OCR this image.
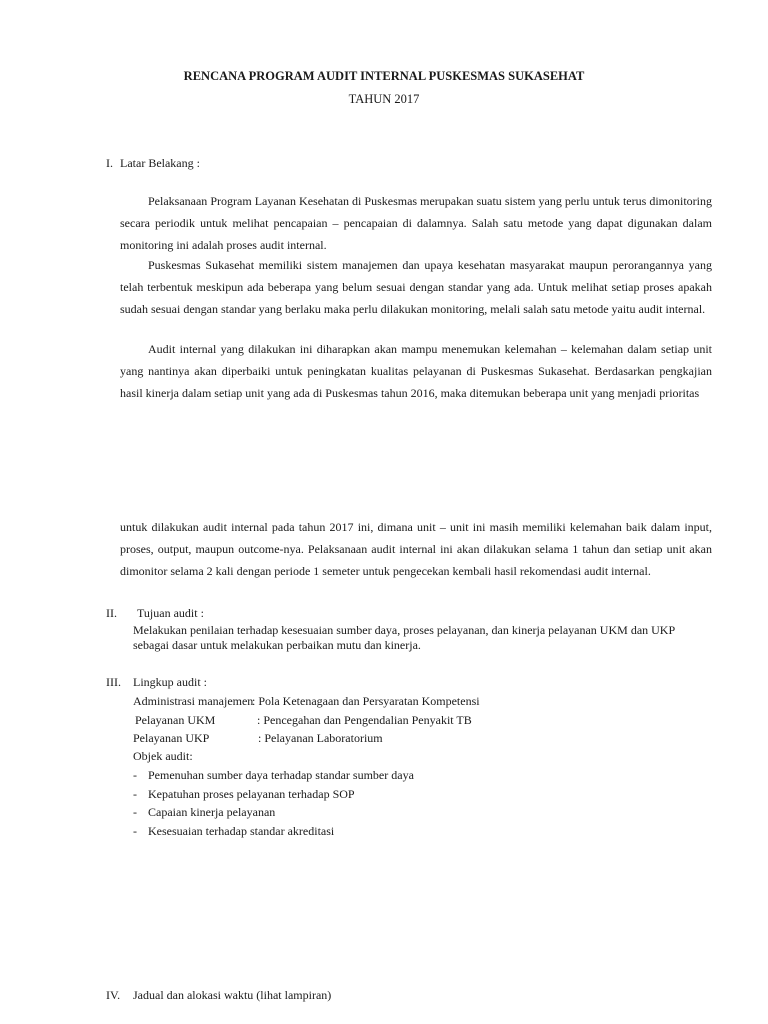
RENCANA PROGRAM AUDIT INTERNAL PUSKESMAS SUKASEHAT
TAHUN 2017
I. Latar Belakang :
Pelaksanaan Program Layanan Kesehatan di Puskesmas merupakan suatu sistem yang perlu untuk terus dimonitoring secara periodik untuk melihat pencapaian – pencapaian di dalamnya. Salah satu metode yang dapat digunakan dalam monitoring ini adalah proses audit internal.
Puskesmas Sukasehat memiliki sistem manajemen dan upaya kesehatan masyarakat maupun perorangannya yang telah terbentuk meskipun ada beberapa yang belum sesuai dengan standar yang ada. Untuk melihat setiap proses apakah sudah sesuai dengan standar yang berlaku maka perlu dilakukan monitoring, melali salah satu metode yaitu audit internal.
Audit internal yang dilakukan ini diharapkan akan mampu menemukan kelemahan – kelemahan dalam setiap unit yang nantinya akan diperbaiki untuk peningkatan kualitas pelayanan di Puskesmas Sukasehat. Berdasarkan pengkajian hasil kinerja dalam setiap unit yang ada di Puskesmas tahun 2016, maka ditemukan beberapa unit yang menjadi prioritas
untuk dilakukan audit internal pada tahun 2017 ini, dimana unit – unit ini masih memiliki kelemahan baik dalam input, proses, output, maupun outcome-nya. Pelaksanaan audit internal ini akan dilakukan selama 1 tahun dan setiap unit akan dimonitor selama 2 kali dengan periode 1 semeter untuk pengecekan kembali hasil rekomendasi audit internal.
II. Tujuan audit :
Melakukan penilaian terhadap kesesuaian sumber daya, proses pelayanan, dan kinerja pelayanan UKM dan UKP sebagai dasar untuk melakukan perbaikan mutu dan kinerja.
III. Lingkup audit :
Administrasi manajemen: Pola Ketenagaan dan Persyaratan Kompetensi
Pelayanan UKM	: Pencegahan dan Pengendalian Penyakit TB
Pelayanan UKP	: Pelayanan Laboratorium
Objek audit:
- Pemenuhan sumber daya terhadap standar sumber daya
- Kepatuhan proses pelayanan terhadap SOP
- Capaian kinerja pelayanan
- Kesesuaian terhadap standar akreditasi
IV. Jadual dan alokasi waktu (lihat lampiran)
